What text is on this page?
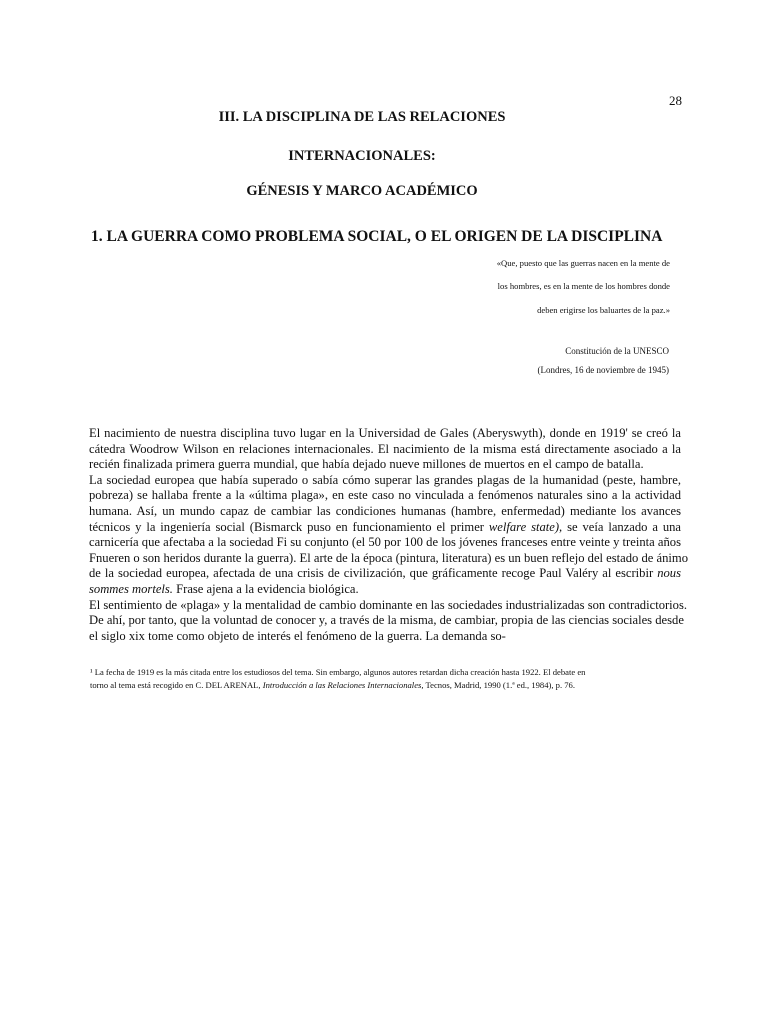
28
III. LA DISCIPLINA DE LAS RELACIONES
INTERNACIONALES:
GÉNESIS Y MARCO ACADÉMICO
1. LA GUERRA COMO PROBLEMA SOCIAL, O EL ORIGEN DE LA DISCIPLINA
«Que, puesto que las guerras nacen en la mente de
los hombres, es en la mente de los hombres donde
deben erigirse los baluartes de la paz.»
Constitución de la UNESCO
(Londres, 16 de noviembre de 1945)
El nacimiento de nuestra disciplina tuvo lugar en la Universidad de Gales (Aberyswyth), donde en 1919' se creó la
cátedra Woodrow Wilson en relaciones internacionales. El nacimiento de la misma está directamente asociado a la
recién finalizada primera guerra mundial, que había dejado nueve millones de muertos en el campo de batalla.
La sociedad europea que había superado o sabía cómo superar las grandes plagas de la humanidad (peste, hambre,
pobreza) se hallaba frente a la «última plaga», en este caso no vinculada a fenómenos naturales sino a la actividad
humana. Así, un mundo capaz de cambiar las condiciones humanas (hambre, enfermedad) mediante los avances
técnicos y la ingeniería social (Bismarck puso en funcionamiento el primer welfare state), se veía lanzado a una
carnicería que afectaba a la sociedad Fi su conjunto (el 50 por 100 de los jóvenes franceses entre veinte y treinta años
Fnueren o son heridos durante la guerra). El arte de la época (pintura, literatura) es un buen reflejo del estado de ánimo
de la sociedad europea, afectada de una crisis de civilización, que gráficamente recoge Paul Valéry al escribir nous
sommes mortels. Frase ajena a la evidencia biológica.
El sentimiento de «plaga» y la mentalidad de cambio dominante en las sociedades industrializadas son contradictorios.
De ahí, por tanto, que la voluntad de conocer y, a través de la misma, de cambiar, propia de las ciencias sociales desde
el siglo xix tome como objeto de interés el fenómeno de la guerra. La demanda so-
¹ La fecha de 1919 es la más citada entre los estudiosos del tema. Sin embargo, algunos autores retardan dicha creación hasta 1922. El debate en
torno al tema está recogido en C. DEL ARENAL, Introducción a las Relaciones Internacionales, Tecnos, Madrid, 1990 (1.ª ed., 1984), p. 76.
